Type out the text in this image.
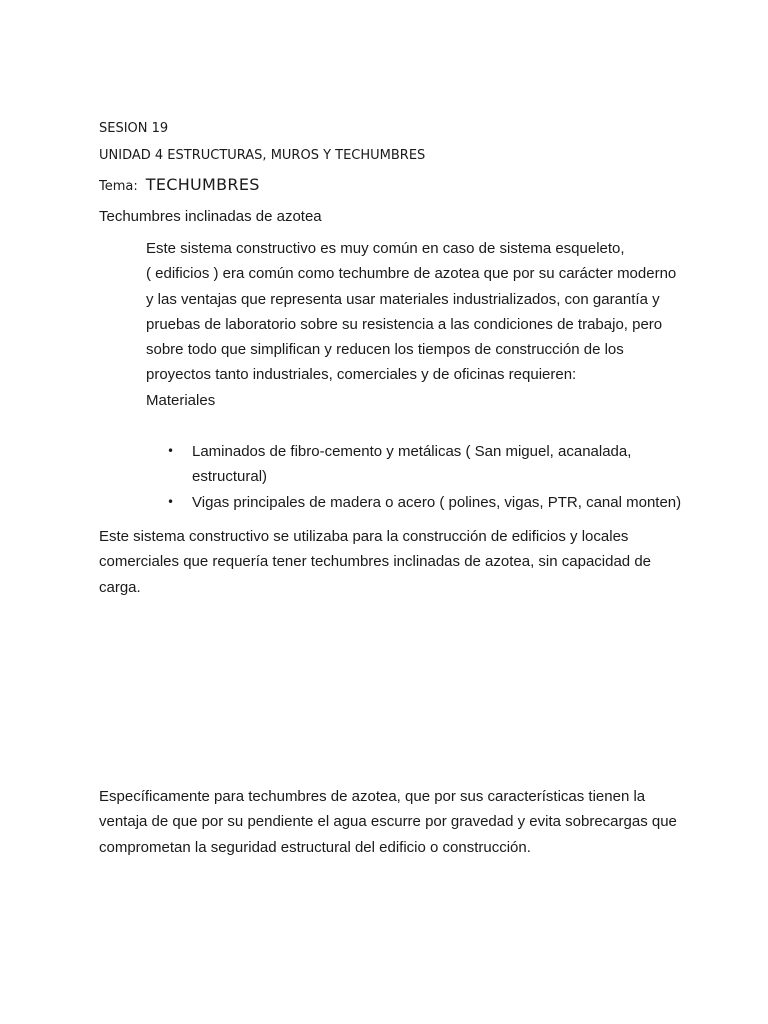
SESION 19

UNIDAD 4 ESTRUCTURAS, MUROS Y TECHUMBRES

Tema: TECHUMBRES

Techumbres inclinadas de azotea

Este sistema constructivo es muy común en caso de sistema esqueleto,

( edificios ) era común como techumbre de azotea que por su carácter moderno

y las ventajas que representa usar materiales industrializados, con garantía y

pruebas de laboratorio sobre su resistencia a las condiciones de trabajo, pero

sobre todo que simplifican y reducen los tiempos de construcción de los

proyectos tanto industriales, comerciales y de oficinas requieren:

Materiales

• Laminados de fibro-cemento y metálicas ( San miguel, acanalada,
estructural)
• Vigas principales de madera o acero ( polines, vigas, PTR, canal monten)

Este sistema constructivo se utilizaba para la construcción de edificios y locales

comerciales que requería tener techumbres inclinadas de azotea, sin capacidad de

carga.

Específicamente para techumbres de azotea, que por sus características tienen la

ventaja de que por su pendiente el agua escurre por gravedad y evita sobrecargas que

comprometan la seguridad estructural del edificio o construcción.
